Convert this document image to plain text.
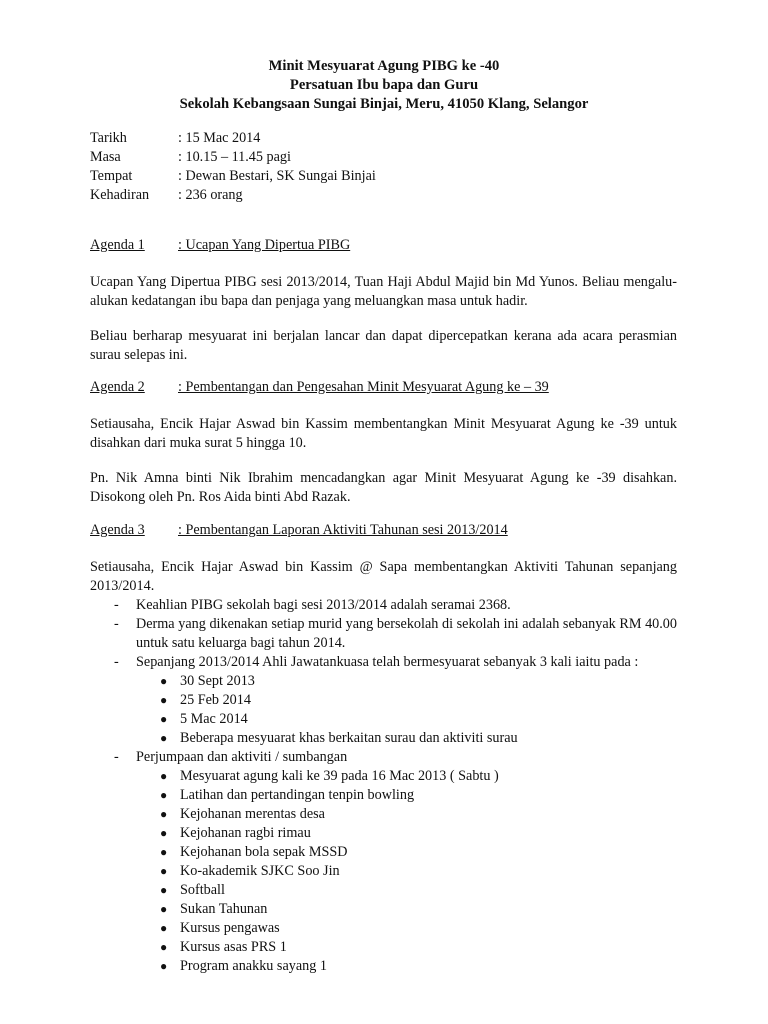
Minit Mesyuarat Agung PIBG ke -40
Persatuan Ibu bapa dan Guru
Sekolah Kebangsaan Sungai Binjai, Meru, 41050 Klang, Selangor
Tarikh	: 15 Mac 2014
Masa	: 10.15 – 11.45 pagi
Tempat	: Dewan Bestari, SK Sungai Binjai
Kehadiran	: 236 orang
Agenda 1 : Ucapan Yang Dipertua PIBG
Ucapan Yang Dipertua PIBG sesi 2013/2014, Tuan Haji Abdul Majid bin Md Yunos. Beliau mengalu-alukan kedatangan ibu bapa dan penjaga yang meluangkan masa untuk hadir.
Beliau berharap mesyuarat ini berjalan lancar dan dapat dipercepatkan kerana ada acara perasmian surau selepas ini.
Agenda 2 : Pembentangan dan Pengesahan Minit Mesyuarat Agung ke – 39
Setiausaha, Encik Hajar Aswad bin Kassim membentangkan Minit Mesyuarat Agung ke -39 untuk disahkan dari muka surat 5 hingga 10.
Pn. Nik Amna binti Nik Ibrahim mencadangkan agar Minit Mesyuarat Agung ke -39 disahkan. Disokong oleh Pn. Ros Aida binti Abd Razak.
Agenda 3 : Pembentangan Laporan Aktiviti Tahunan sesi 2013/2014
Setiausaha, Encik Hajar Aswad bin Kassim @ Sapa membentangkan Aktiviti Tahunan sepanjang 2013/2014.
- Keahlian PIBG sekolah bagi sesi 2013/2014 adalah seramai 2368.
- Derma yang dikenakan setiap murid yang bersekolah di sekolah ini adalah sebanyak RM 40.00 untuk satu keluarga bagi tahun 2014.
- Sepanjang 2013/2014 Ahli Jawatankuasa telah bermesyuarat sebanyak 3 kali iaitu pada :
● 30 Sept 2013
● 25 Feb 2014
● 5 Mac 2014
● Beberapa mesyuarat khas berkaitan surau dan aktiviti surau
- Perjumpaan dan aktiviti / sumbangan
● Mesyuarat agung kali ke 39 pada 16 Mac 2013 ( Sabtu )
● Latihan dan pertandingan tenpin bowling
● Kejohanan merentas desa
● Kejohanan ragbi rimau
● Kejohanan bola sepak MSSD
● Ko-akademik SJKC Soo Jin
● Softball
● Sukan Tahunan
● Kursus pengawas
● Kursus asas PRS 1
● Program anakku sayang 1
